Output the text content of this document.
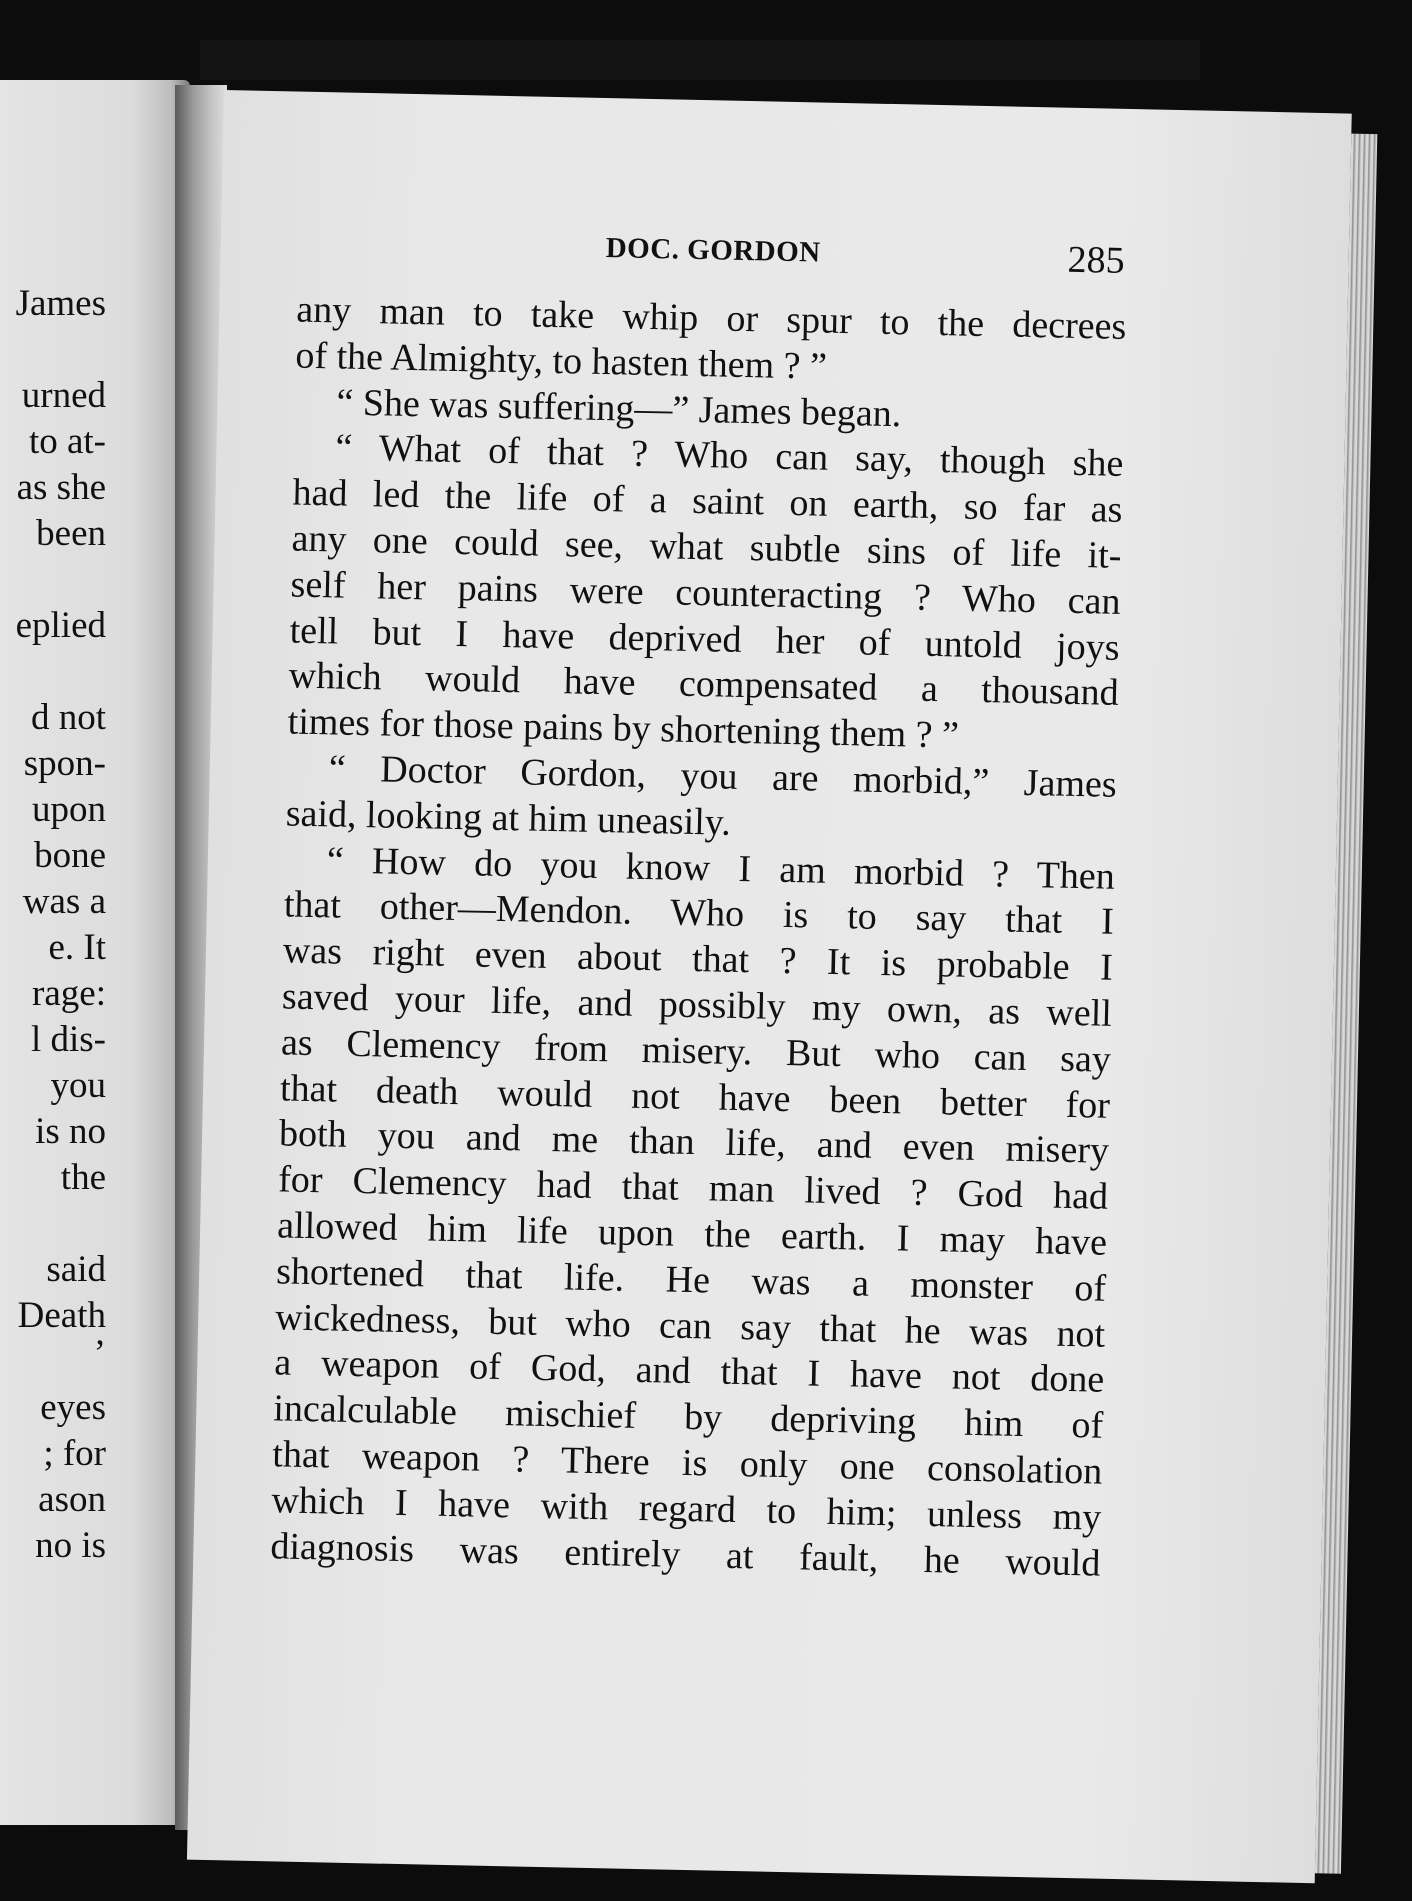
James
urned
to at-
as she
been
eplied
d not
spon-
upon
bone
was a
e. It
rage:
l dis-
you
is no
the
said
Death
’
eyes
; for
ason
no is
DOC. GORDON	285
any man to take whip or spur to the decrees
of the Almighty, to hasten them ? ”
“ She was suffering—” James began.
“ What of that ? Who can say, though she
had led the life of a saint on earth, so far as
any one could see, what subtle sins of life it-
self her pains were counteracting ? Who can
tell but I have deprived her of untold joys
which would have compensated a thousand
times for those pains by shortening them ? ”
“ Doctor Gordon, you are morbid,” James
said, looking at him uneasily.
“ How do you know I am morbid ? Then
that other—Mendon. Who is to say that I
was right even about that ? It is probable I
saved your life, and possibly my own, as well
as Clemency from misery. But who can say
that death would not have been better for
both you and me than life, and even misery
for Clemency had that man lived ? God had
allowed him life upon the earth. I may have
shortened that life. He was a monster of
wickedness, but who can say that he was not
a weapon of God, and that I have not done
incalculable mischief by depriving him of
that weapon ? There is only one consolation
which I have with regard to him; unless my
diagnosis was entirely at fault, he would
